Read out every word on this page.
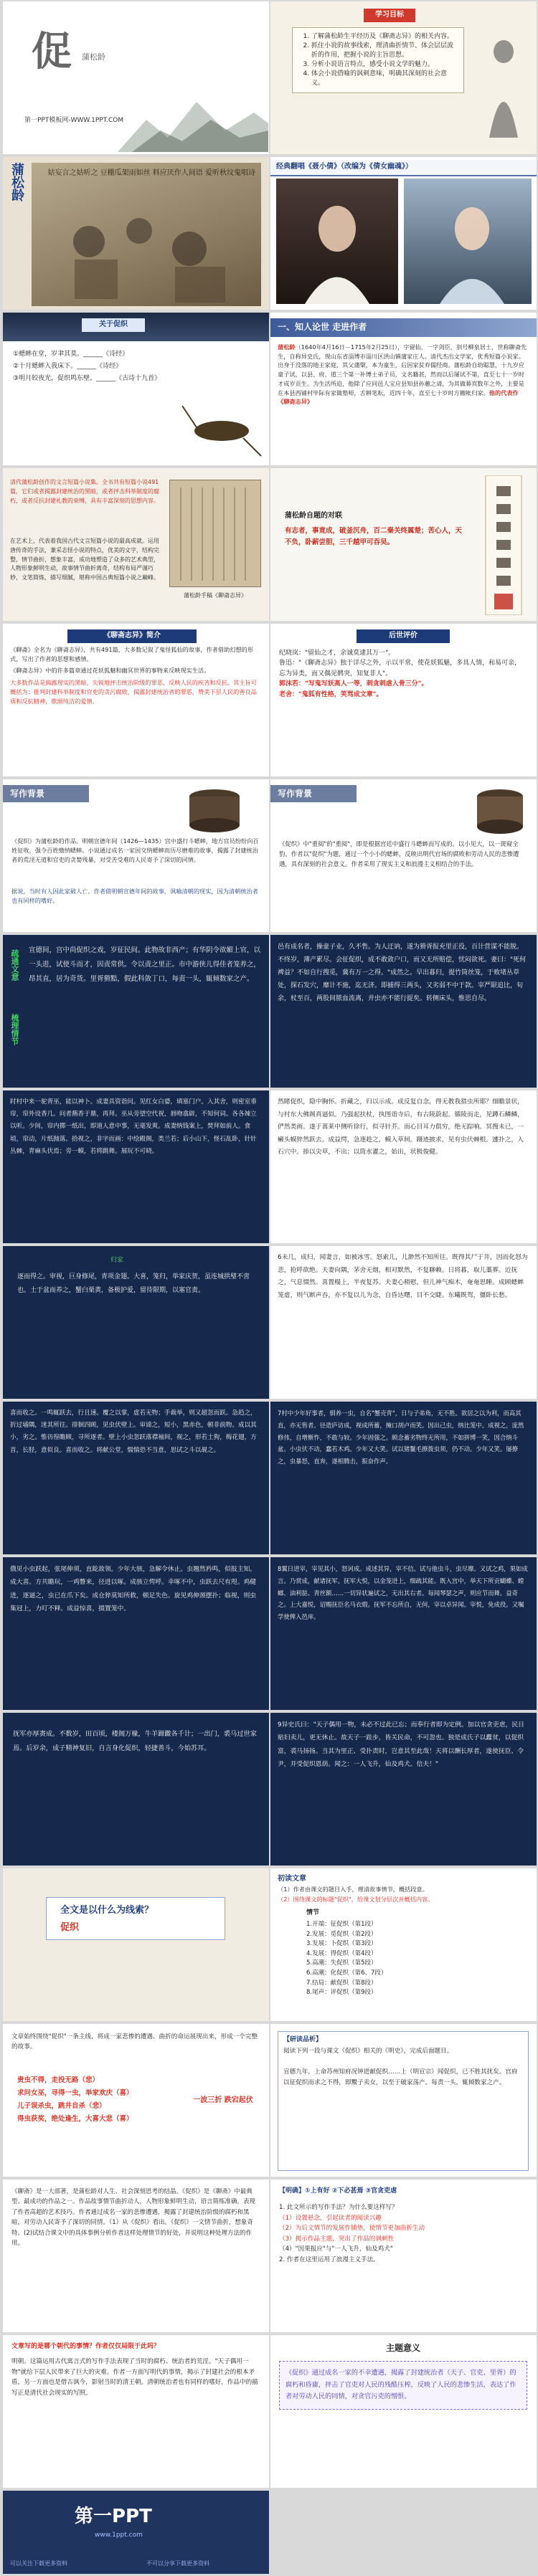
促 蒲松龄
第一PPT模板网-WWW.1PPT.COM
学习目标
1. 了解蒲松龄生平经历及《聊斋志异》的相关内容。
2. 抓住小说的故事线索，理清曲折情节、体会层层波折的作用，把握小说的主旨思想。
3. 分析小说语言特点，感受小说文学的魅力。
4. 体会小说借喻的讽刺意味，明确其深刻的社会意义。
蒲松龄	姑妄言之姑听之 豆棚瓜架雨如丝 料应厌作人间语 爱听秋坟鬼唱诗
经典翻唱《聂小倩》（改编为《倩女幽魂》）
关于促织
①蟋蟀在堂，岁聿其莫。______《诗经》
②十月蟋蟀入我床下。______《诗经》
③明月皎夜光，促织鸣东壁。______《古诗十九首》
一、知人论世 走进作者
蒲松龄（1640年4月16日－1715年2月25日），字留仙，一字剑臣，别号柳泉居士，世称聊斋先生，自称异史氏，现山东省淄博市淄川区洪山镇蒲家庄人。清代杰出文学家，优秀短篇小说家。出身于没落的地主家庭，其父蒲槃，本为童生，后因家贫弃儒经商。蒲松龄自幼聪慧，十九岁应童子试，以县、府、道三个第一补博士弟子员，文名籍甚，然而以后屡试不第，直至七十一岁时才成岁贡生。为生活所迫，他除了应同邑人宝应县知县孙蕙之请，为其做幕宾数年之外，主要是在本县西铺村毕际有家做塾师，舌耕笔耘，近四十年，直至七十岁时方撤帐归家。他的代表作《聊斋志异》
清代蒲松龄创作的文言短篇小说集。全书共有短篇小说491篇，它们或者揭露封建统治的黑暗，或者抨击科举制度的腐朽，或者反抗封建礼教的束缚，具有丰富深刻的思想内容。
在艺术上，代表着我国古代文言短篇小说的最高成就。运用唐传奇的手法，兼采志怪小说的特点，优美的文字，结构完整，情节曲折，想象丰富，成功地塑造了众多的艺术典型，人物形象鲜明生动，故事情节曲折离奇，结构布局严谨巧妙，文笔简炼，描写细腻，堪称中国古典短篇小说之巅峰。
蒲松龄手稿《聊斋志异》
蒲松龄自题的对联
有志者，事竟成，破釜沉舟，百二秦关终属楚；苦心人，天不负，卧薪尝胆，三千越甲可吞吴。
《聊斋志异》简介
《聊斋》全名为《聊斋志异》，共有491篇，大多数记叙了鬼怪狐仙的故事，作者借助幻想的形式，写出了作者的思想和感情。
《聊斋志异》中的许多篇章通过花妖狐魅和幽冥世界的事物来反映现实生活。
大多数作品是揭露现实的黑暗，尖锐地抨击统治阶级的罪恶，反映人民的疾苦和反抗。其主旨可概括为：批判封建科举制度和官吏的贪污腐败，揭露封建统治者的罪恶，赞美下层人民的善良品质和反抗精神，歌颂纯洁的爱情。
后世评价
纪晓岚："留仙之才，余诚莫逮其万一"。
鲁迅："《聊斋志异》独于详尽之外，示以平常，使花妖狐魅，多具人情，和易可亲，忘为异类，而又偶见鹘突，知复非人"。
郭沫若："写鬼写妖高人一等，刺贪刺虐入骨三分"。
老舍："鬼狐有性格，笑骂成文章"。
写作背景
《促织》为蒲松龄的作品。明朝宣德年间（1426—1435）宫中盛行斗蟋蟀，地方官员纷纷向百姓征收，强令百姓缴纳蟋蟀。小说通过成名一家因交纳蟋蟀而历尽磨难的故事，揭露了封建统治者的荒淫无道和官吏的贪婪残暴，对受苦受难的人民寄予了深切的同情。
据说，当时有人因此家破人亡。作者借明朝宣德年间的故事，讽喻清朝的现实，因为清朝统治者也有同样的嗜好。
写作背景
《促织》中"重阅"的"重阅"，即是根据宫廷中盛行斗蟋蟀而写成的。以小见大，以一斑窥全豹。作者以"促织"为题，通过一个小小的蟋蟀，反映出明代官场的腐败和劳动人民的悲惨遭遇，具有深刻的社会意义。作者采用了现实主义和浪漫主义相结合的手法。
疏通文意
梳理情节
宣德间，宫中尚促织之戏，岁征民间。此物故非西产；有华阴令欲媚上官，以一头进，试使斗而才，因责常供。令以责之里正。市中游侠儿得佳者笼养之，昂其直，居为奇货。里胥猾黠，假此科敛丁口，每责一头，辄倾数家之产。
邑有成名者，操童子业，久不售。为人迂讷，遂为猾胥报充里正役，百计营谋不能脱。不终岁，薄产累尽。会征促织，成不敢敛户口，而又无所赔偿，忧闷欲死。妻曰："死何裨益？不如自行搜觅，冀有万一之得。"成然之。早出暮归，提竹筒丝笼，于败堵丛草处，探石发穴，靡计不施，迄无济。即捕得三两头，又劣弱不中于款。宰严限追比，旬余，杖至百，两股间脓血流离，并虫亦不能行捉矣。转侧床头，惟思自尽。
时村中来一驼背巫，能以神卜。成妻具资诣问。见红女白婆，填塞门户。入其舍，则密室垂帘，帘外设香几。问者爇香于鼎，再拜。巫从旁望空代祝，唇吻翕辟，不知何词。各各竦立以听。少间，帘内掷一纸出，即道人意中事，无毫发爽。成妻纳钱案上，焚拜如前人。食顷，帘动，片纸抛落。拾视之，非字而画：中绘殿阁，类兰若；后小山下，怪石乱卧，针针丛棘，青麻头伏焉；旁一蟆，若将跳舞。展玩不可晓。
然睹促织，隐中胸怀。折藏之，归以示成。成反复自念，得无教我猎虫所耶？细瞻景状，与村东大佛阁真逼似。乃强起扶杖，执图诣寺后，有古陵蔚起。循陵而走，见蹲石鳞鳞，俨然类画。遂于蒿莱中侧听徐行，似寻针芥。而心目耳力俱穷，绝无踪响。冥搜未已，一癞头蟆猝然跃去。成益愕，急逐趁之，蟆入草间。蹑迹披求，见有虫伏棘根。遽扑之，入石穴中。掭以尖草，不出；以筒水灌之，始出，状极俊健。
归家
逐而得之。审视，巨身修尾，青项金翅。大喜，笼归，举家庆贺，虽连城拱璧不啻也。土于盆而养之，蟹白栗黄，备极护爱，留待限期，以塞官责。
6未几，成归，闻妻言，如被冰雪。怒索儿，儿渺然不知所往。既得其尸于井，因而化怒为悲，抢呼欲绝。夫妻向隅，茅舍无烟，相对默然，不复聊赖。日将暮，取儿藁葬。近抚之，气息惙然。喜置榻上，半夜复苏。夫妻心稍慰，但儿神气痴木，奄奄思睡。成顾蟋蟀笼虚，则气断声吞，亦不复以儿为念，自昏达曙，目不交睫。东曦既驾，僵卧长愁。
喜而收之。一鸣辄跃去，行且速。覆之以掌，虚若无物；手裁举，则又超忽而跃。急趋之，折过墙隅，迷其所往。徘徊四顾，见虫伏壁上。审谛之，短小，黑赤色，顿非前物。成以其小，劣之。惟彷徨瞻顾，寻所逐者。壁上小虫忽跃落襟袖间，视之，形若土狗，梅花翅，方首，长胫，意似良。喜而收之。将献公堂，惴惴恐不当意，思试之斗以觇之。
7村中少年好事者，驯养一虫，自名"蟹壳青"，日与子弟角，无不胜。欲居之以为利，而高其直，亦无售者。径造庐访成，视成所蓄，掩口胡卢而笑。因出己虫，纳比笼中。成视之，庞然修伟，自增惭怍，不敢与较。少年固强之。顾念蓄劣物终无所用，不如拼博一笑，因合纳斗盆。小虫伏不动，蠢若木鸡。少年又大笑。试以猪鬣毛撩拨虫须，仍不动。少年又笑。屡撩之，虫暴怒，直奔，遂相腾击，振奋作声。
俄见小虫跃起，张尾伸须，直龁敌领。少年大骇，急解令休止。虫翘然矜鸣，似报主知。成大喜。方共瞻玩，一鸡瞥来，径进以啄。成骇立愕呼。幸啄不中，虫跃去尺有咫。鸡健进，逐逼之，虫已在爪下矣。成仓猝莫知所救，顿足失色。旋见鸡伸颈摆扑；临视，则虫集冠上，力叮不释。成益惊喜，掇置笼中。
8翼日进宰，宰见其小，怒诃成。成述其异，宰不信。试与他虫斗，虫尽靡。又试之鸡，果如成言。乃赏成，献诸抚军。抚军大悦，以金笼进上，细疏其能。既入宫中，举天下所贡蝴蝶、螳螂、油利挞、青丝额……一切异状遍试之，无出其右者。每闻琴瑟之声，则应节而舞。益奇之。上大嘉悦，诏赐抚臣名马衣缎。抚军不忘所自，无何，宰以卓异闻。宰悦，免成役。又嘱学使俾入邑庠。
抚军亦厚赉成。不数岁，田百顷，楼阁万椽，牛羊蹄躈各千计；一出门，裘马过世家焉。后岁余，成子精神复旧，自言身化促织，轻捷善斗，今始苏耳。
9异史氏曰："天子偶用一物，未必不过此已忘；而奉行者即为定例。加以官贪吏虐，民日贴妇卖儿，更无休止。故天子一跬步，皆关民命，不可忽也。独是成氏子以蠹贫，以促织富，裘马扬扬。当其为里正、受扑责时，岂意其至此哉！天将以酬长厚者，遂使抚臣、令尹，并受促织恩荫。闻之：一人飞升，仙及鸡犬。信夫！"
全文是以什么为线索？
促织
初读文章
（1）作者由课文的题目入手，理清故事情节，概括段意。
（2）围绕课文的标题"促织"，给课文划分层次并概括内容。
情节
1.开端：征促织（第1段）
2.发展：觅促织（第2段）
3.发展：卜促织（第3段）
4.发展：得促织（第4段）
5.高潮：失促织（第5段）
6.高潮：化促织（第6、7段）
7.结局：献促织（第8段）
8.尾声：评促织（第9段）
文章始终围绕"促织"一条主线，将成一家悲惨的遭遇、曲折的命运展现出来，形成一个完整的故事。
责虫不得，走投无路（悲）
求问女巫，寻得一虫，举家欢庆（喜）
儿子误杀虫，跳井自杀（悲）
得虫获奖，绝处逢生，大喜大悲（喜）
一波三折 跌宕起伏
【研读品析】
阅读下列一段与课文《促织》相关的《明史》，完成后面题目。
宣德九年，上命苏州知府况钟进献促织……上（明宣宗）闻促织，已不胜其扰矣。官府以征促织而求之不得，即鬻子卖女，以至于破家荡产。每责一头，辄倾数家之产。
《聊斋》是一大部著，是蒲松龄对人生、社会深刻思考的结晶。《促织》是《聊斋》中最典型、最成功的作品之一。作品故事情节曲折动人，人物形象鲜明生动，语言简练准确，表现了作者高超的艺术技巧。作者通过成名一家的悲惨遭遇，揭露了封建统治阶级的腐朽和黑暗，对劳动人民寄予了深切的同情。（1）从《促织》看出，《促织》一文情节曲折，想象奇特。(2)试结合课文中的具体事例分析作者这样处理情节的好处，并说明这种处理方法的作用。
【明确】①上有好 ②下必甚焉 ③官贪吏虐
1. 此文所示的写作手法？为什么要这样写？
（1）设置悬念，引起读者的阅读兴趣
（2）为后文情节的发展作铺垫，使情节更加曲折生动
（3）揭示作品主题，突出了作品的讽刺性
（4）"因果报应"与"一人飞升，仙及鸡犬"
2. 作者在这里运用了浪漫主义手法。
文章写的是哪个朝代的事情？作者仅仅局限于此吗？
明朝。这篇运用古代寓言式的写作手法表现了当时的腐朽、统治者的荒淫。"天子偶用一物"就给下层人民带来了巨大的灾难。作者一方面写明代的事情，揭示了封建社会的根本矛盾，另一方面也是借古讽今，影射当时的清王朝。清朝统治者也有同样的嗜好，作品中的描写正是清代社会现实的写照。
主题意义
《促织》通过成名一家的不幸遭遇，揭露了封建统治者（天子、官吏、里胥）的腐朽和昏庸，抨击了官吏对人民的残酷压榨，反映了人民的悲惨生活，表达了作者对劳动人民的同情，对贪官污吏的憎恨。
第一PPT
www.1ppt.com
可以关注下载更多资料	不可以分享下载更多资料
